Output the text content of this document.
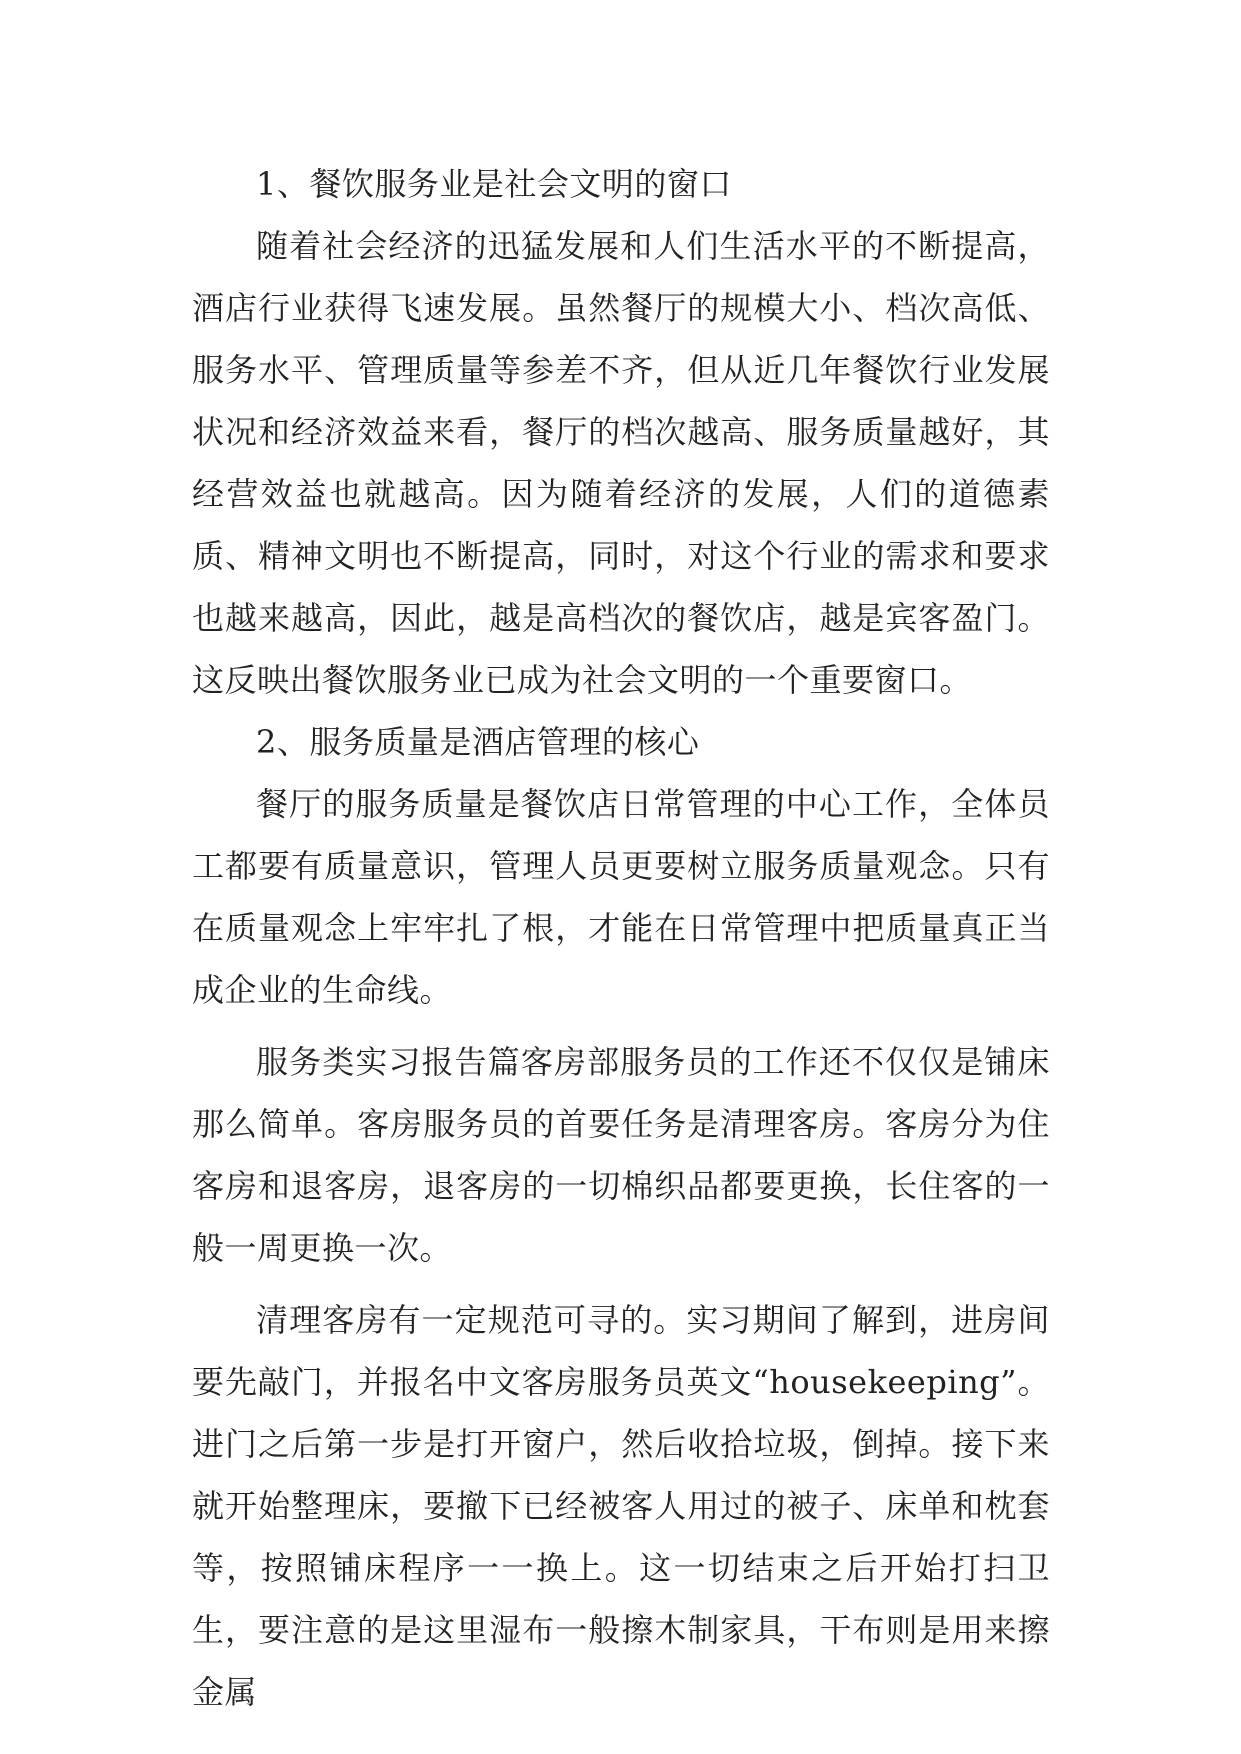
1、餐饮服务业是社会文明的窗口

随着社会经济的迅猛发展和人们生活水平的不断提高，酒店行业获得飞速发展。虽然餐厅的规模大小、档次高低、服务水平、管理质量等参差不齐，但从近几年餐饮行业发展状况和经济效益来看，餐厅的档次越高、服务质量越好，其经营效益也就越高。因为随着经济的发展，人们的道德素质、精神文明也不断提高，同时，对这个行业的需求和要求也越来越高，因此，越是高档次的餐饮店，越是宾客盈门。这反映出餐饮服务业已成为社会文明的一个重要窗口。

2、服务质量是酒店管理的核心

餐厅的服务质量是餐饮店日常管理的中心工作，全体员工都要有质量意识，管理人员更要树立服务质量观念。只有在质量观念上牢牢扎了根，才能在日常管理中把质量真正当成企业的生命线。

服务类实习报告篇客房部服务员的工作还不仅仅是铺床那么简单。客房服务员的首要任务是清理客房。客房分为住客房和退客房，退客房的一切棉织品都要更换，长住客的一般一周更换一次。

清理客房有一定规范可寻的。实习期间了解到，进房间要先敲门，并报名中文客房服务员英文“housekeeping”。进门之后第一步是打开窗户，然后收拾垃圾，倒掉。接下来就开始整理床，要撤下已经被客人用过的被子、床单和枕套等，按照铺床程序一一换上。这一切结束之后开始打扫卫生，要注意的是这里湿布一般擦木制家具，干布则是用来擦金属
